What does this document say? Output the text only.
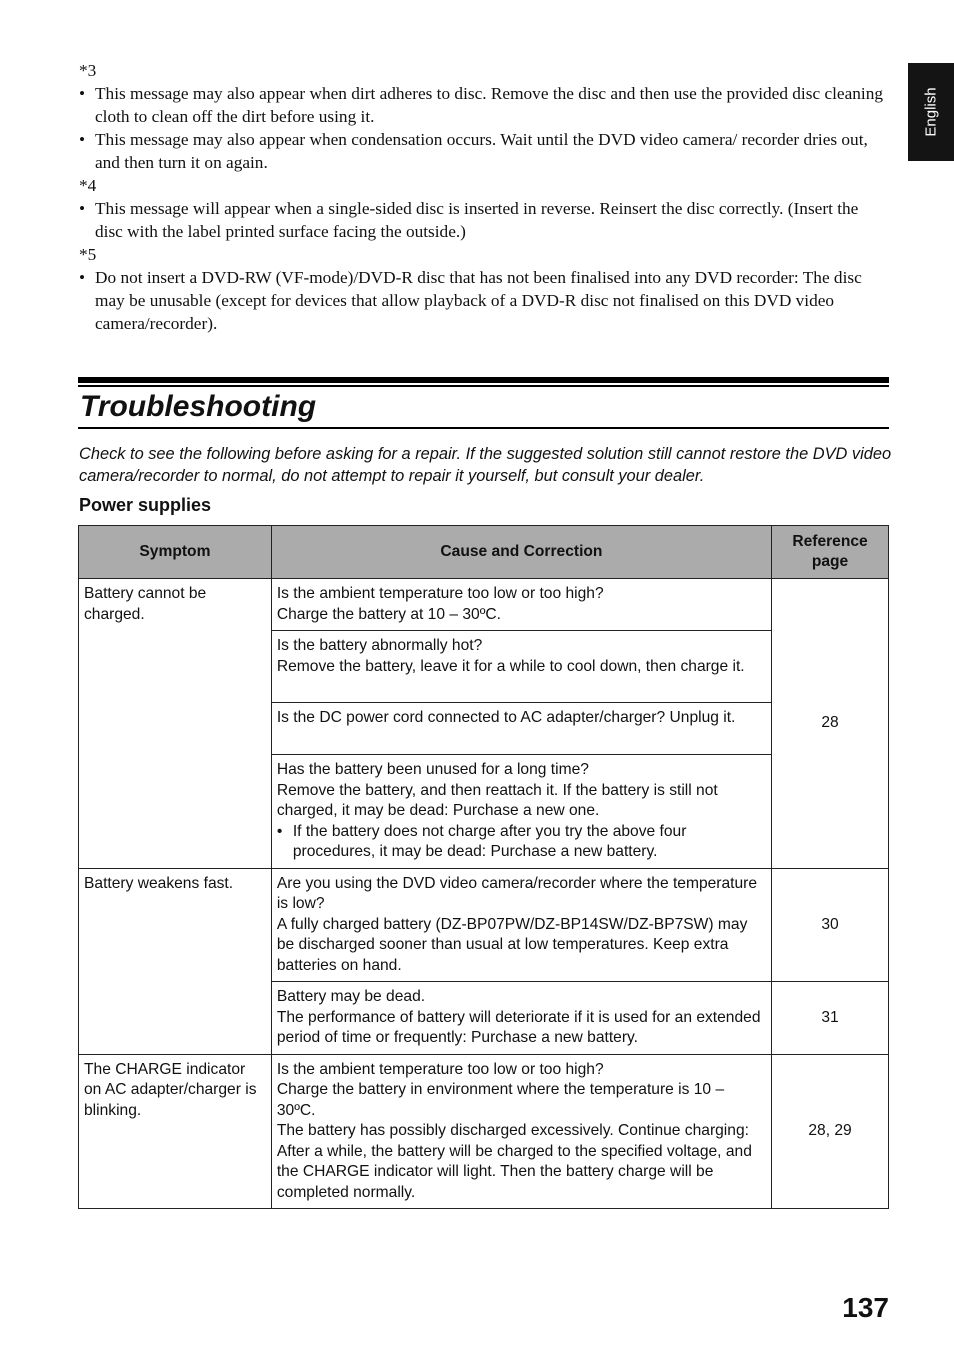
*3

• This message may also appear when dirt adheres to disc. Remove the disc and then use the provided disc cleaning cloth to clean off the dirt before using it.

• This message may also appear when condensation occurs. Wait until the DVD video camera/ recorder dries out, and then turn it on again.

*4

• This message will appear when a single-sided disc is inserted in reverse. Reinsert the disc correctly. (Insert the disc with the label printed surface facing the outside.)

*5

• Do not insert a DVD-RW (VF-mode)/DVD-R disc that has not been finalised into any DVD recorder: The disc may be unusable (except for devices that allow playback of a DVD-R disc not finalised on this DVD video camera/recorder).

English
Troubleshooting

Check to see the following before asking for a repair. If the suggested solution still cannot restore the DVD video camera/recorder to normal, do not attempt to repair it yourself, but consult your dealer.

Power supplies
Symptom	Cause and Correction	Reference page
Battery cannot be charged.	Is the ambient temperature too low or too high?
Charge the battery at 10 – 30ºC.	28

	Is the battery abnormally hot?
Remove the battery, leave it for a while to cool down, then charge it.	

	Is the DC power cord connected to AC adapter/charger? Unplug it.	

	Has the battery been unused for a long time?
Remove the battery, and then reattach it. If the battery is still not charged, it may be dead: Purchase a new one.
• If the battery does not charge after you try the above four procedures, it may be dead: Purchase a new battery.

Battery weakens fast.	Are you using the DVD video camera/recorder where the temperature is low?
A fully charged battery (DZ-BP07PW/DZ-BP14SW/DZ-BP7SW) may be discharged sooner than usual at low temperatures. Keep extra batteries on hand.	30

	Battery may be dead.
The performance of battery will deteriorate if it is used for an extended period of time or frequently: Purchase a new battery.	31
The CHARGE indicator on AC adapter/charger is blinking.	Is the ambient temperature too low or too high?
Charge the battery in environment where the temperature is 10 – 30ºC.
The battery has possibly discharged excessively. Continue charging: After a while, the battery will be charged to the specified voltage, and the CHARGE indicator will light. Then the battery charge will be completed normally.	28, 29
137
